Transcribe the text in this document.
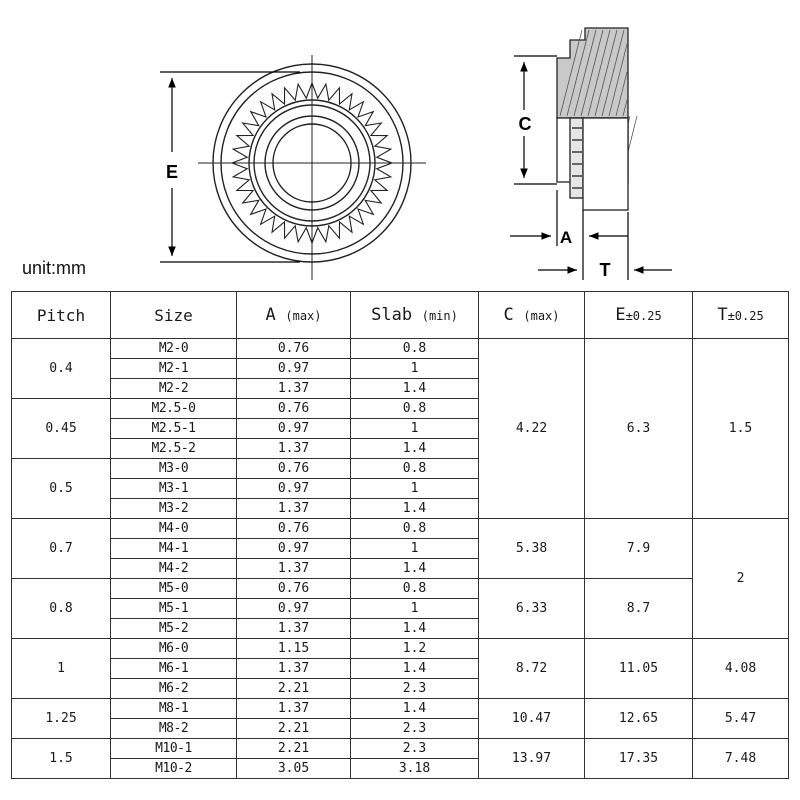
E
C
A
T
unit:mm
Pitch	Size	A (max)	Slab (min)	C (max)	E±0.25	T±0.25
0.4	M2-0	0.76	0.8	4.22	6.3	1.5
	M2-1	0.97	1			
	M2-2	1.37	1.4			
0.45	M2.5-0	0.76	0.8			
	M2.5-1	0.97	1			
	M2.5-2	1.37	1.4			
0.5	M3-0	0.76	0.8			
	M3-1	0.97	1			
	M3-2	1.37	1.4			
0.7	M4-0	0.76	0.8	5.38	7.9	2
	M4-1	0.97	1			
	M4-2	1.37	1.4			
0.8	M5-0	0.76	0.8	6.33	8.7	
	M5-1	0.97	1			
	M5-2	1.37	1.4			
1	M6-0	1.15	1.2	8.72	11.05	4.08
	M6-1	1.37	1.4			
	M6-2	2.21	2.3			
1.25	M8-1	1.37	1.4	10.47	12.65	5.47
	M8-2	2.21	2.3			
1.5	M10-1	2.21	2.3	13.97	17.35	7.48
	M10-2	3.05	3.18			
